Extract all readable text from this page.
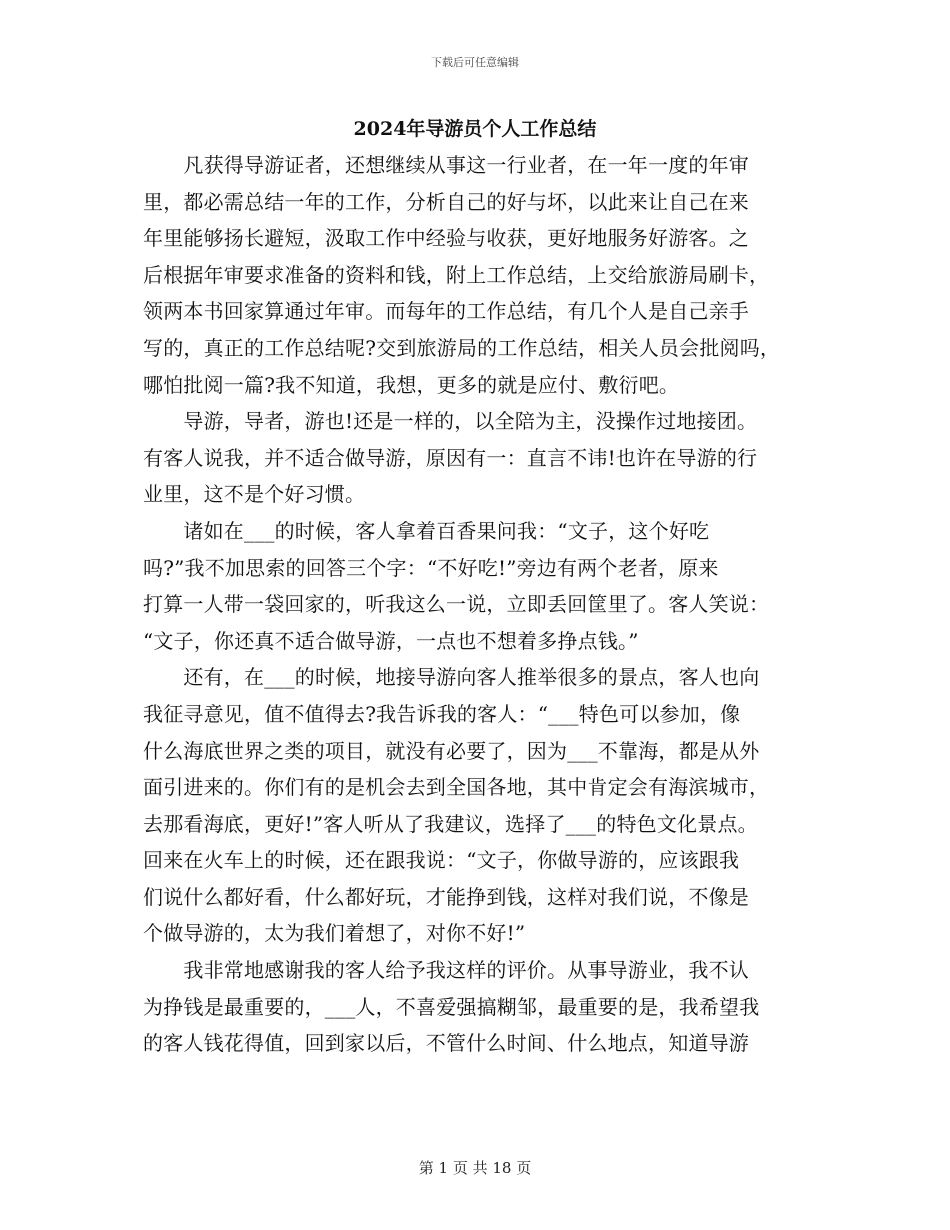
下载后可任意编辑
2024年导游员个人工作总结
　　凡获得导游证者，还想继续从事这一行业者，在一年一度的年审
里，都必需总结一年的工作，分析自己的好与坏，以此来让自己在来
年里能够扬长避短，汲取工作中经验与收获，更好地服务好游客。之
后根据年审要求准备的资料和钱，附上工作总结，上交给旅游局刷卡，
领两本书回家算通过年审。而每年的工作总结，有几个人是自己亲手
写的，真正的工作总结呢?交到旅游局的工作总结，相关人员会批阅吗，
哪怕批阅一篇?我不知道，我想，更多的就是应付、敷衍吧。
　　导游，导者，游也!还是一样的，以全陪为主，没操作过地接团。
有客人说我，并不适合做导游，原因有一：直言不讳!也许在导游的行
业里，这不是个好习惯。
　　诸如在___的时候，客人拿着百香果问我：“文子，这个好吃
吗?”我不加思索的回答三个字：“不好吃!”旁边有两个老者，原来
打算一人带一袋回家的，听我这么一说，立即丢回筐里了。客人笑说：
“文子，你还真不适合做导游，一点也不想着多挣点钱。”
　　还有，在___的时候，地接导游向客人推举很多的景点，客人也向
我征寻意见，值不值得去?我告诉我的客人：“___特色可以参加，像
什么海底世界之类的项目，就没有必要了，因为___不靠海，都是从外
面引进来的。你们有的是机会去到全国各地，其中肯定会有海滨城市，
去那看海底，更好!”客人听从了我建议，选择了___的特色文化景点。
回来在火车上的时候，还在跟我说：“文子，你做导游的，应该跟我
们说什么都好看，什么都好玩，才能挣到钱，这样对我们说，不像是
个做导游的，太为我们着想了，对你不好!”
　　我非常地感谢我的客人给予我这样的评价。从事导游业，我不认
为挣钱是最重要的，___人，不喜爱强搞糊邹，最重要的是，我希望我
的客人钱花得值，回到家以后，不管什么时间、什么地点，知道导游
第 1 页 共 18 页
